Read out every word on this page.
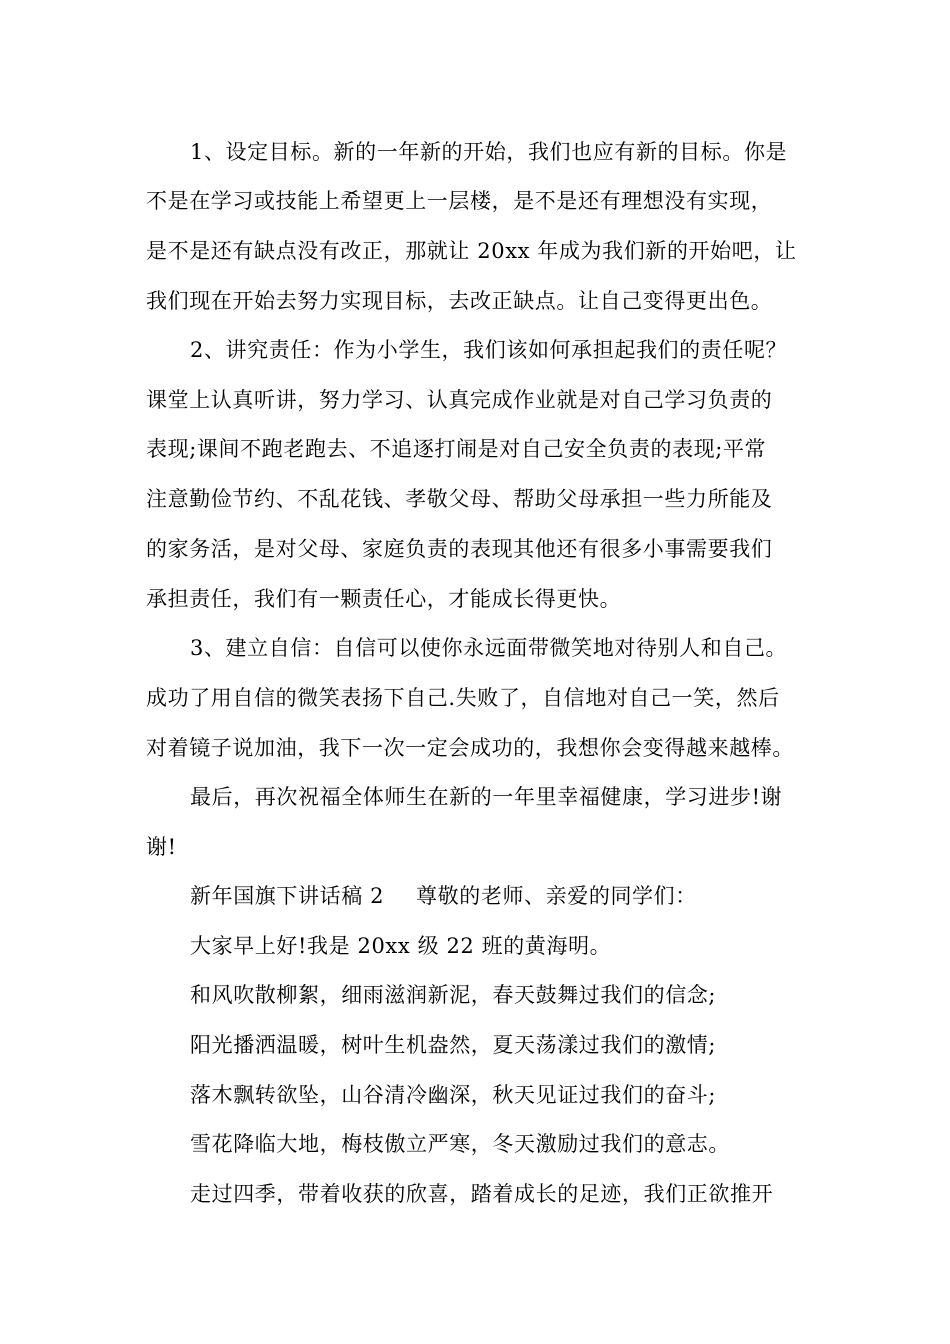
1、设定目标。新的一年新的开始，我们也应有新的目标。你是
不是在学习或技能上希望更上一层楼，是不是还有理想没有实现，
是不是还有缺点没有改正，那就让 20xx 年成为我们新的开始吧，让
我们现在开始去努力实现目标，去改正缺点。让自己变得更出色。
2、讲究责任：作为小学生，我们该如何承担起我们的责任呢？
课堂上认真听讲，努力学习、认真完成作业就是对自己学习负责的
表现;课间不跑老跑去、不追逐打闹是对自己安全负责的表现;平常
注意勤俭节约、不乱花钱、孝敬父母、帮助父母承担一些力所能及
的家务活，是对父母、家庭负责的表现其他还有很多小事需要我们
承担责任，我们有一颗责任心，才能成长得更快。
3、建立自信：自信可以使你永远面带微笑地对待别人和自己。
成功了用自信的微笑表扬下自己.失败了，自信地对自己一笑，然后
对着镜子说加油，我下一次一定会成功的，我想你会变得越来越棒。
最后，再次祝福全体师生在新的一年里幸福健康，学习进步!谢
谢!
新年国旗下讲话稿 2 尊敬的老师、亲爱的同学们：
大家早上好!我是 20xx 级 22 班的黄海明。
和风吹散柳絮，细雨滋润新泥，春天鼓舞过我们的信念;
阳光播洒温暖，树叶生机盎然，夏天荡漾过我们的激情;
落木飘转欲坠，山谷清冷幽深，秋天见证过我们的奋斗;
雪花降临大地，梅枝傲立严寒，冬天激励过我们的意志。
走过四季，带着收获的欣喜，踏着成长的足迹，我们正欲推开
